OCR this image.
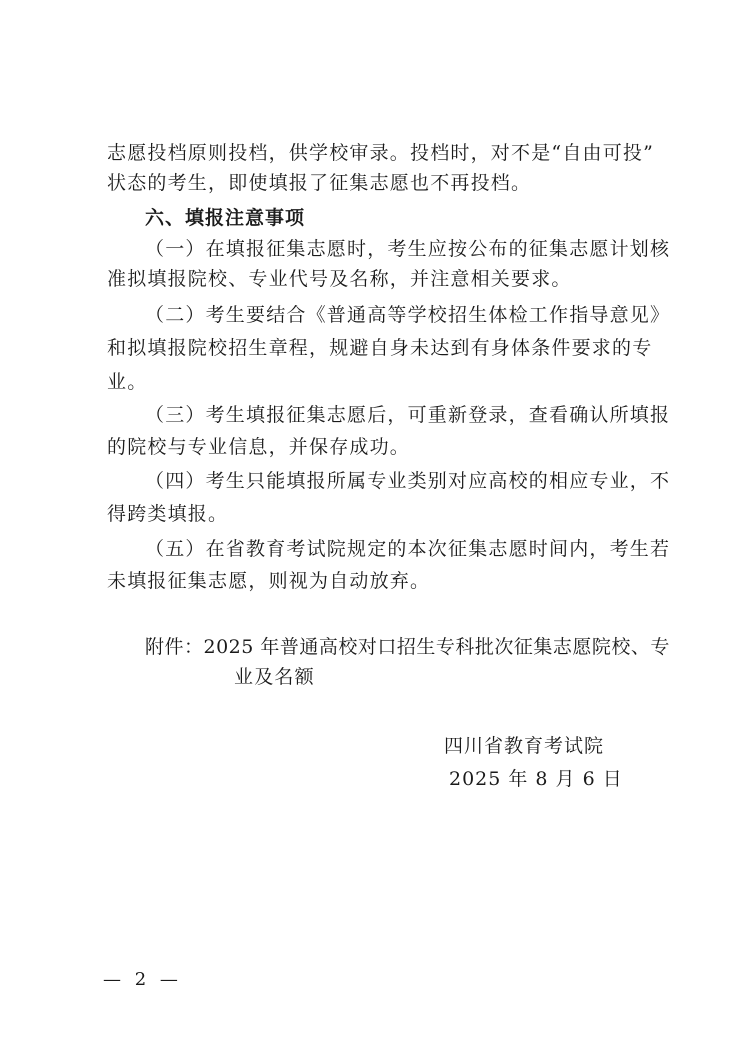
志愿投档原则投档，供学校审录。投档时，对不是“自由可投”
状态的考生，即使填报了征集志愿也不再投档。
六、填报注意事项
（一）在填报征集志愿时，考生应按公布的征集志愿计划核
准拟填报院校、专业代号及名称，并注意相关要求。
（二）考生要结合《普通高等学校招生体检工作指导意见》
和拟填报院校招生章程，规避自身未达到有身体条件要求的专
业。
（三）考生填报征集志愿后，可重新登录，查看确认所填报
的院校与专业信息，并保存成功。
（四）考生只能填报所属专业类别对应高校的相应专业，不
得跨类填报。
（五）在省教育考试院规定的本次征集志愿时间内，考生若
未填报征集志愿，则视为自动放弃。
附件：2025 年普通高校对口招生专科批次征集志愿院校、专
业及名额
四川省教育考试院
2025 年 8 月 6 日
— 2 —
